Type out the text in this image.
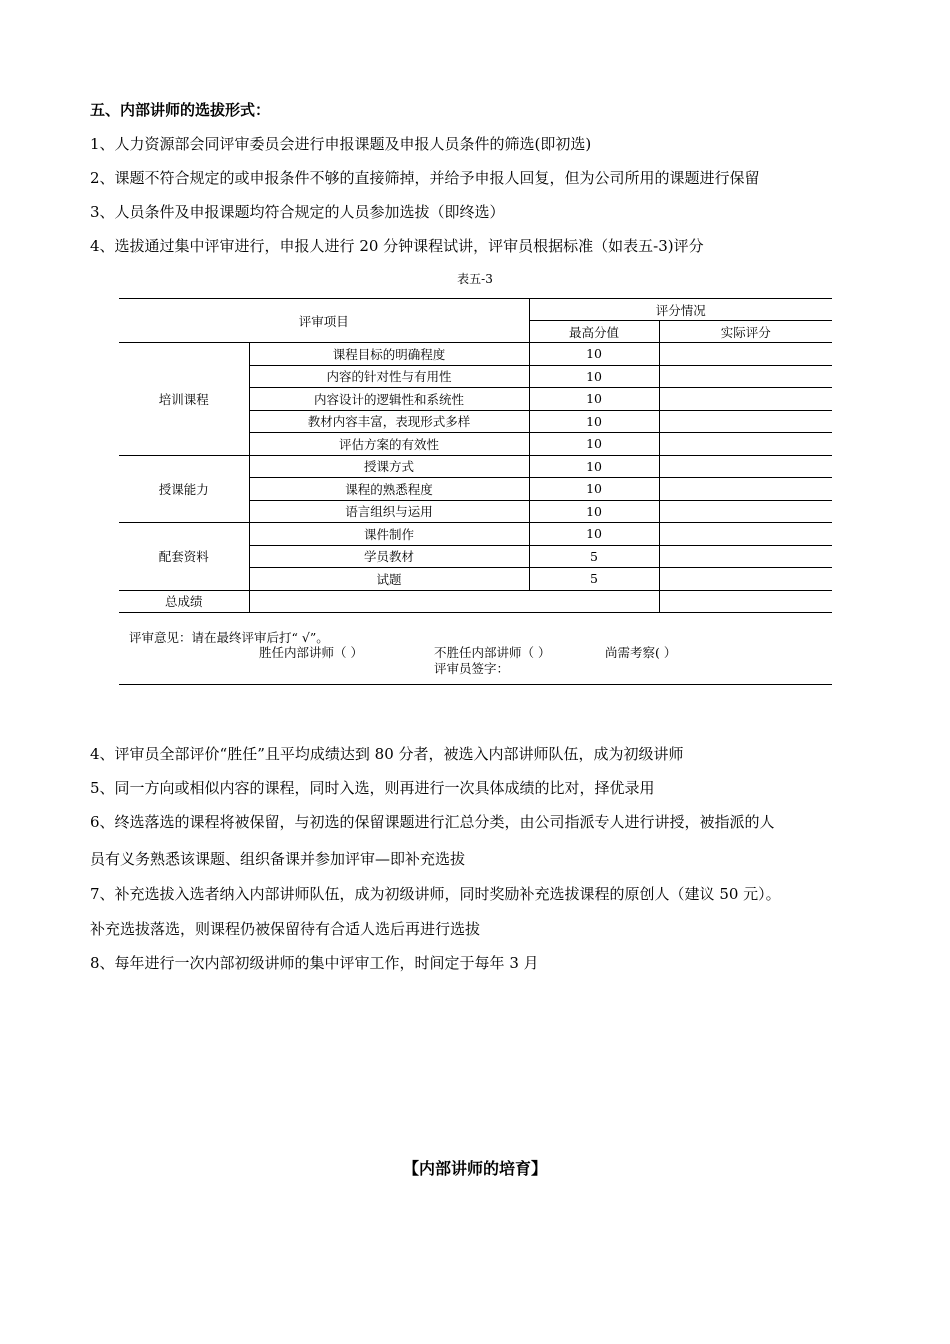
五、内部讲师的选拔形式：
1、人力资源部会同评审委员会进行申报课题及申报人员条件的筛选(即初选)
2、课题不符合规定的或申报条件不够的直接筛掉，并给予申报人回复，但为公司所用的课题进行保留
3、人员条件及申报课题均符合规定的人员参加选拔（即终选）
4、选拔通过集中评审进行，申报人进行 20 分钟课程试讲，评审员根据标准（如表五-3)评分
表五-3
评审项目		评分情况	
		最高分值	实际评分
培训课程	课程目标的明确程度	10	
	内容的针对性与有用性	10	
	内容设计的逻辑性和系统性	10	
	教材内容丰富，表现形式多样	10	
	评估方案的有效性	10	
授课能力	授课方式	10	
	课程的熟悉程度	10	
	语言组织与运用	10	
配套资料	课件制作	10	
	学员教材	5	
	试题	5	
总成绩			
评审意见：请在最终评审后打“ √”。
胜任内部讲师（ ）	不胜任内部讲师（ ）	尚需考察( ）
评审员签字：
4、评审员全部评价“胜任”且平均成绩达到 80 分者，被选入内部讲师队伍，成为初级讲师
5、同一方向或相似内容的课程，同时入选，则再进行一次具体成绩的比对，择优录用
6、终选落选的课程将被保留，与初选的保留课题进行汇总分类，由公司指派专人进行讲授，被指派的人
员有义务熟悉该课题、组织备课并参加评审—即补充选拔
7、补充选拔入选者纳入内部讲师队伍，成为初级讲师，同时奖励补充选拔课程的原创人（建议 50 元）。
补充选拔落选，则课程仍被保留待有合适人选后再进行选拔
8、每年进行一次内部初级讲师的集中评审工作，时间定于每年 3 月
【内部讲师的培育】
